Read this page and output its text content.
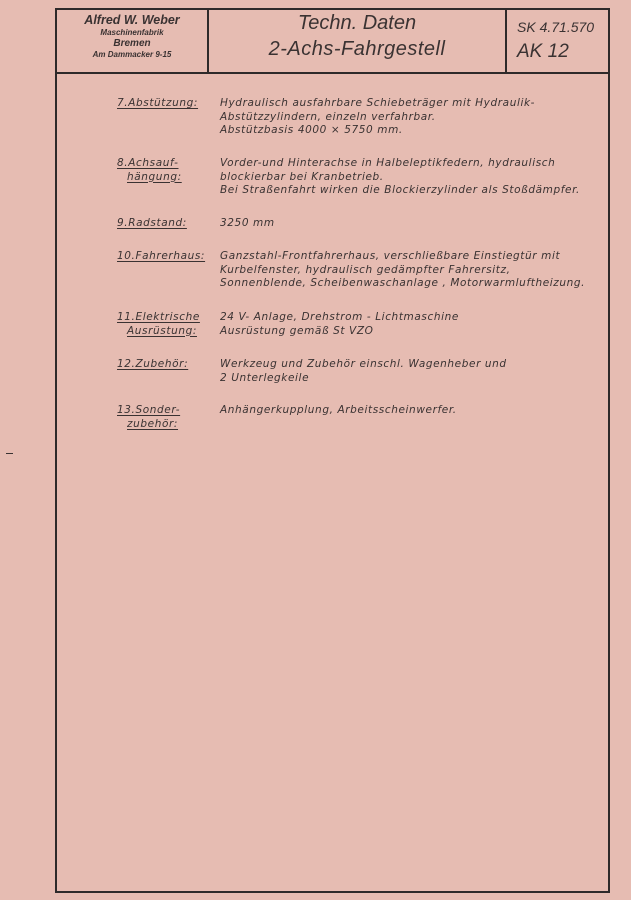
Alfred W. Weber
Maschinenfabrik
Bremen
Am Dammacker 9-15
Techn. Daten
2-Achs-Fahrgestell
SK 4.71.570
AK 12
7.Abstützung:	Hydraulisch ausfahrbare Schiebeträger mit Hydraulik-
Abstützzylindern, einzeln verfahrbar.
Abstützbasis 4000 × 5750 mm.
8.Achsauf-
hängung:
Vorder-und Hinterachse in Halbeleptikfedern, hydraulisch
blockierbar bei Kranbetrieb.
Bei Straßenfahrt wirken die Blockierzylinder als Stoßdämpfer.
9.Radstand:	3250 mm
10.Fahrerhaus: Ganzstahl-Frontfahrerhaus, verschließbare Einstiegtür mit
Kurbelfenster, hydraulisch gedämpfter Fahrersitz,
Sonnenblende, Scheibenwaschanlage , Motorwarmluftheizung.
11.Elektrische
Ausrüstung:
24 V- Anlage, Drehstrom - Lichtmaschine
Ausrüstung gemäß St VZO
12.Zubehör:	Werkzeug und Zubehör einschl. Wagenheber und
2 Unterlegkeile
13.Sonder-
zubehör:
Anhängerkupplung, Arbeitsscheinwerfer.
